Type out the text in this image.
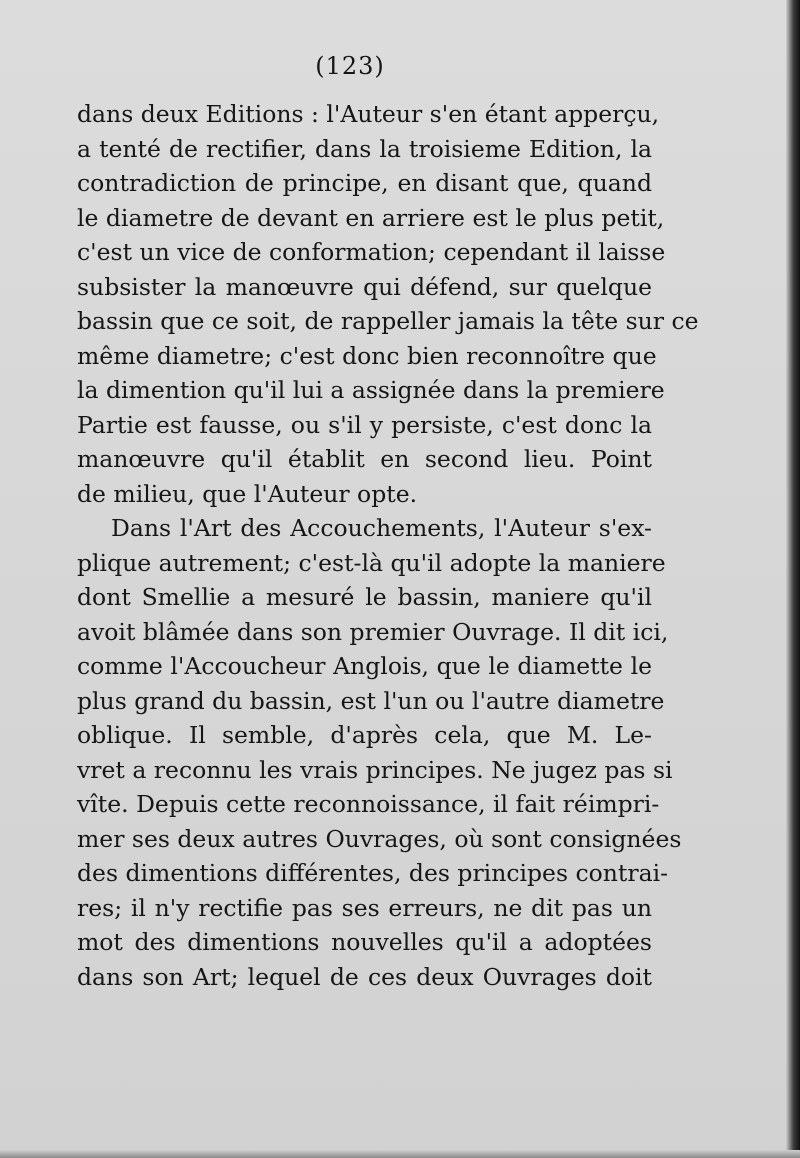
(123)
dans deux Editions : l'Auteur s'en étant apperçu,
a tenté de rectifier, dans la troisieme Edition, la
contradiction de principe, en disant que, quand
le diametre de devant en arriere est le plus petit,
c'est un vice de conformation; cependant il laisse
subsister la manœuvre qui défend, sur quelque
bassin que ce soit, de rappeller jamais la tête sur ce
même diametre; c'est donc bien reconnoître que
la dimention qu'il lui a assignée dans la premiere
Partie est fausse, ou s'il y persiste, c'est donc la
manœuvre qu'il établit en second lieu. Point
de milieu, que l'Auteur opte.
Dans l'Art des Accouchements, l'Auteur s'ex-
plique autrement; c'est-là qu'il adopte la maniere
dont Smellie a mesuré le bassin, maniere qu'il
avoit blâmée dans son premier Ouvrage. Il dit ici,
comme l'Accoucheur Anglois, que le diamette le
plus grand du bassin, est l'un ou l'autre diametre
oblique. Il semble, d'après cela, que M. Le-
vret a reconnu les vrais principes. Ne jugez pas si
vîte. Depuis cette reconnoissance, il fait réimpri-
mer ses deux autres Ouvrages, où sont consignées
des dimentions différentes, des principes contrai-
res; il n'y rectifie pas ses erreurs, ne dit pas un
mot des dimentions nouvelles qu'il a adoptées
dans son Art; lequel de ces deux Ouvrages doit
